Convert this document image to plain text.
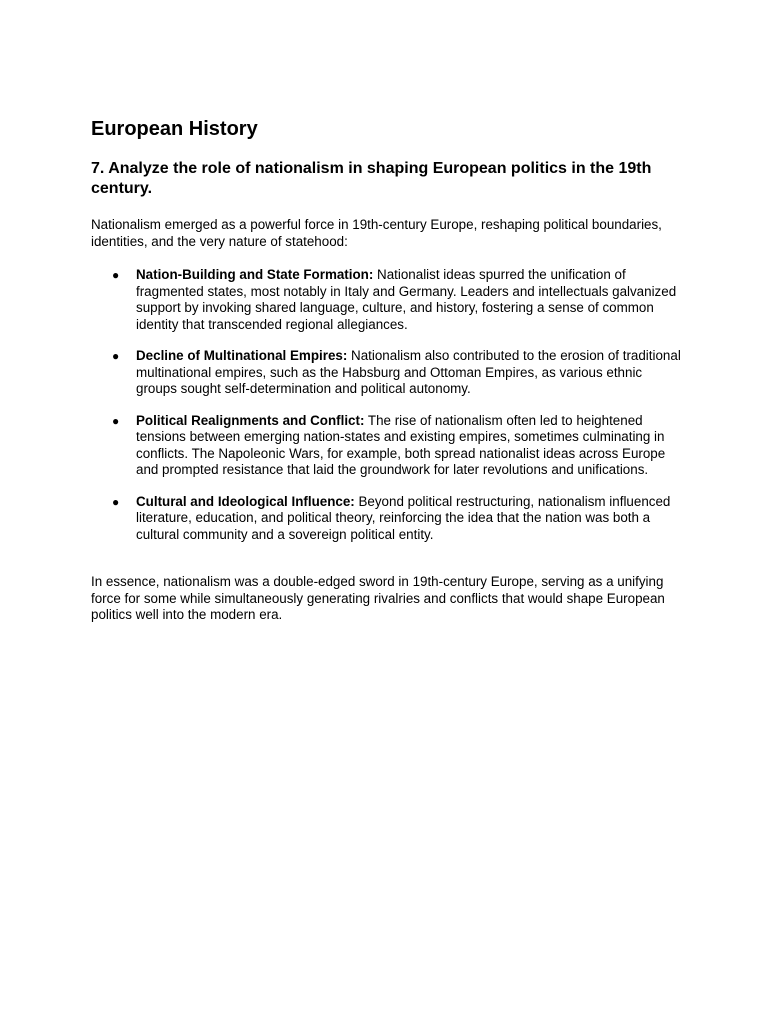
European History
7. Analyze the role of nationalism in shaping European politics in the 19th century.

Nationalism emerged as a powerful force in 19th-century Europe, reshaping political boundaries, identities, and the very nature of statehood:

● Nation-Building and State Formation: Nationalist ideas spurred the unification of fragmented states, most notably in Italy and Germany. Leaders and intellectuals galvanized support by invoking shared language, culture, and history, fostering a sense of common identity that transcended regional allegiances.
● Decline of Multinational Empires: Nationalism also contributed to the erosion of traditional multinational empires, such as the Habsburg and Ottoman Empires, as various ethnic groups sought self-determination and political autonomy.
● Political Realignments and Conflict: The rise of nationalism often led to heightened tensions between emerging nation-states and existing empires, sometimes culminating in conflicts. The Napoleonic Wars, for example, both spread nationalist ideas across Europe and prompted resistance that laid the groundwork for later revolutions and unifications.
● Cultural and Ideological Influence: Beyond political restructuring, nationalism influenced literature, education, and political theory, reinforcing the idea that the nation was both a cultural community and a sovereign political entity.

In essence, nationalism was a double-edged sword in 19th-century Europe, serving as a unifying force for some while simultaneously generating rivalries and conflicts that would shape European politics well into the modern era.
